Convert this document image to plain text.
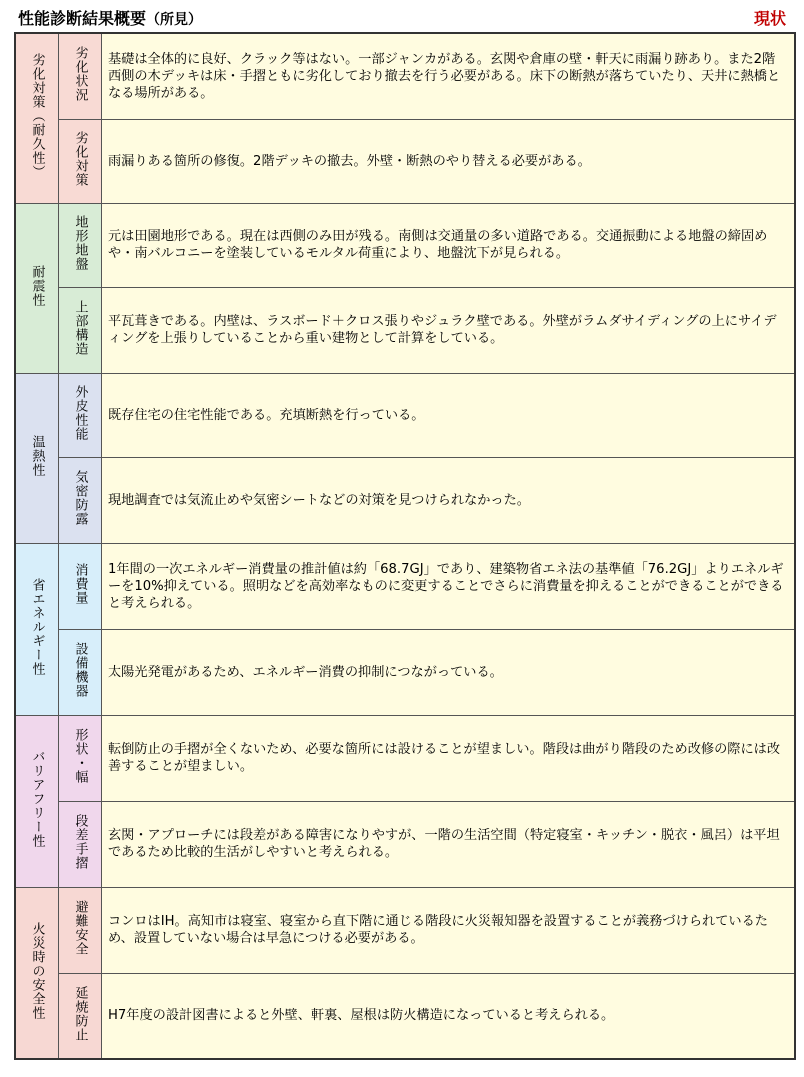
性能診断結果概要（所見）	現状
劣化対策（耐久性）	劣化状況	基礎は全体的に良好、クラック等はない。一部ジャンカがある。玄関や倉庫の壁・軒天に雨漏り跡あり。また2階西側の木デッキは床・手摺ともに劣化しており撤去を行う必要がある。床下の断熱が落ちていたり、天井に熱橋となる場所がある。

	劣化対策	雨漏りある箇所の修復。2階デッキの撤去。外壁・断熱のやり替える必要がある。

耐震性	地形地盤	元は田園地形である。現在は西側のみ田が残る。南側は交通量の多い道路である。交通振動による地盤の締固めや・南バルコニーを塗装しているモルタル荷重により、地盤沈下が見られる。

	上部構造	平瓦葺きである。内壁は、ラスボード＋クロス張りやジュラク壁である。外壁がラムダサイディングの上にサイディングを上張りしていることから重い建物として計算をしている。

温熱性	外皮性能	既存住宅の住宅性能である。充填断熱を行っている。

	気密防露	現地調査では気流止めや気密シートなどの対策を見つけられなかった。

省エネルギー性	消費量	1年間の一次エネルギー消費量の推計値は約「68.7GJ」であり、建築物省エネ法の基準値「76.2GJ」よりエネルギーを10%抑えている。照明などを高効率なものに変更することでさらに消費量を抑えることができることができると考えられる。

	設備機器	太陽光発電があるため、エネルギー消費の抑制につながっている。

バリアフリー性	形状・幅	転倒防止の手摺が全くないため、必要な箇所には設けることが望ましい。階段は曲がり階段のため改修の際には改善することが望ましい。

	段差手摺	玄関・アプローチには段差がある障害になりやすが、一階の生活空間（特定寝室・キッチン・脱衣・風呂）は平坦であるため比較的生活がしやすいと考えられる。

火災時の安全性	避難安全	コンロはIH。高知市は寝室、寝室から直下階に通じる階段に火災報知器を設置することが義務づけられているため、設置していない場合は早急につける必要がある。

	延焼防止	H7年度の設計図書によると外壁、軒裏、屋根は防火構造になっていると考えられる。
